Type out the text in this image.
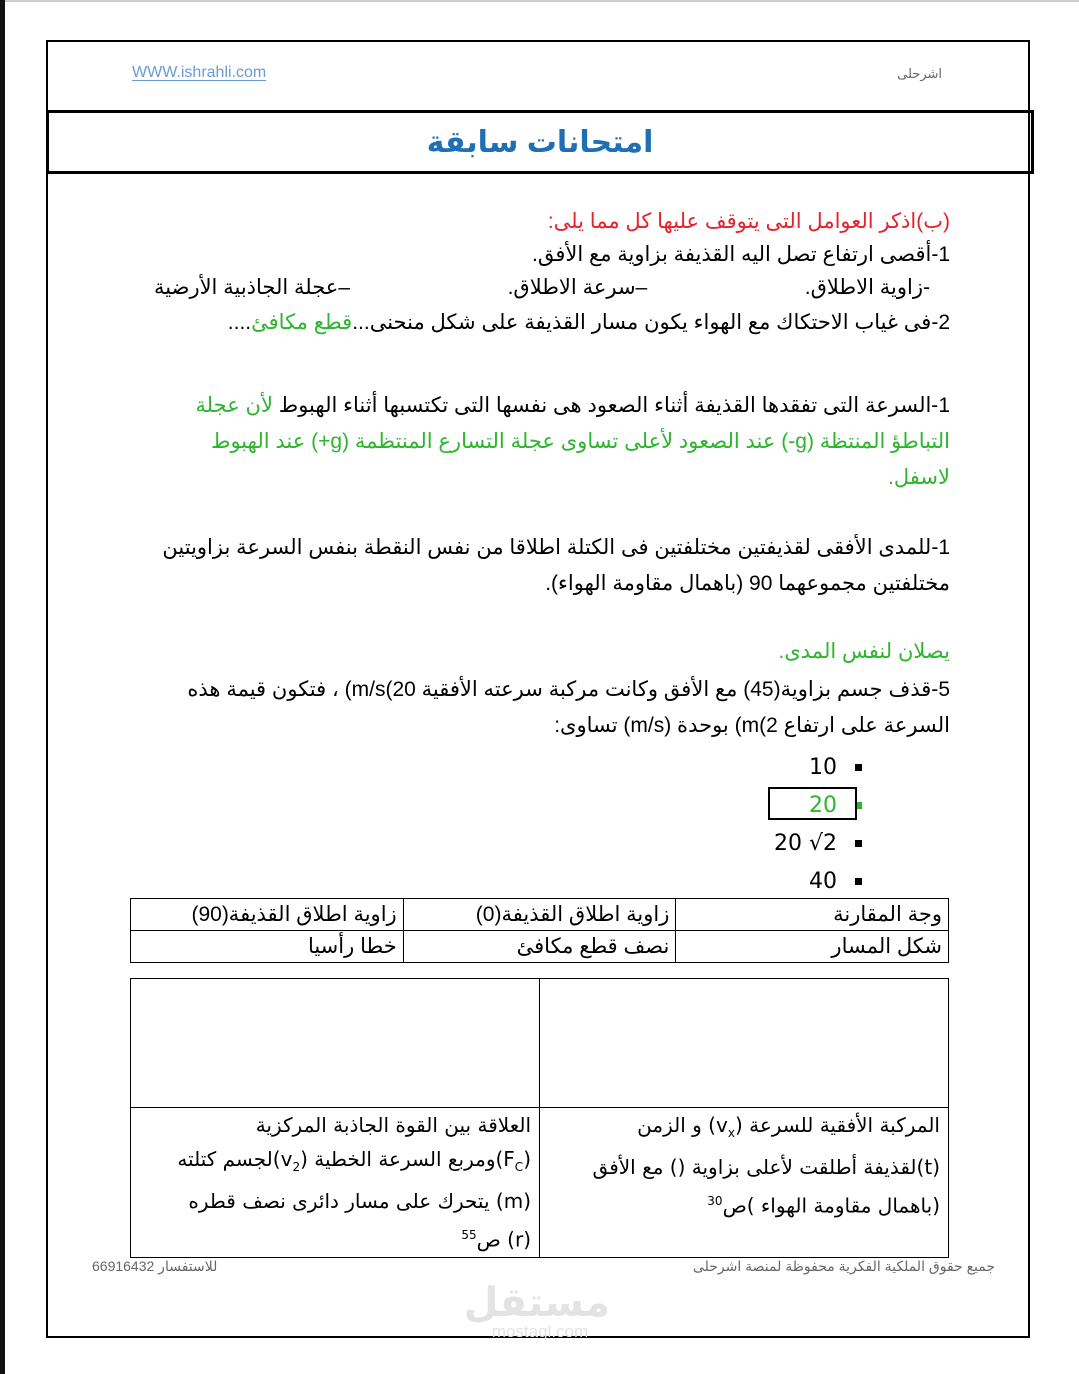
WWW.ishrahli.com	اشرحلى
امتحانات سابقة
(ب)اذكر العوامل التى يتوقف عليها كل مما يلى:
1-أقصى ارتفاع تصل اليه القذيفة بزاوية مع الأفق.
-زاوية الاطلاق.
–سرعة الاطلاق.
–عجلة الجاذبية الأرضية
2-فى غياب الاحتكاك مع الهواء يكون مسار القذيفة على شكل منحنى...قطع مكافئ....
1-السرعة التى تفقدها القذيفة أثناء الصعود هى نفسها التى تكتسبها أثناء الهبوط لأن عجلة
التباطؤ المنتظة (g-) عند الصعود لأعلى تساوى عجلة التسارع المنتظمة (g+) عند الهبوط
لاسفل.
1-للمدى الأفقى لقذيفتين مختلفتين فى الكتلة اطلاقا من نفس النقطة بنفس السرعة بزاويتين
مختلفتين مجموعهما 90 (باهمال مقاومة الهواء).
يصلان لنفس المدى.
5-قذف جسم بزاوية(45) مع الأفق وكانت مركبة سرعته الأفقية 20)m/s) ، فتكون قيمة هذه
السرعة على ارتفاع 2)m) بوحدة (m/s) تساوى:
10
20
20 √2
40
وجة المقارنة	زاوية اطلاق القذيفة(0)	زاوية اطلاق القذيفة(90)
شكل المسار	نصف قطع مكافئ	خطا رأسيا

المركبة الأفقية للسرعة $(v_x)$ و الزمن
(t)لقذيفة أطلقت لأعلى بزاوية () مع الأفق
(باهمال مقاومة الهواء )ص$^{30}$

العلاقة بين القوة الجاذبة المركزية
$(F_C)ومربع$ السرعة الخطية $(v_2)لجسم$ كتلته
(m) يتحرك على مسار دائرى نصف قطره
(r) ص$^{55}$
جميع حقوق الملكية الفكرية محفوظة لمنصة اشرحلى
للاستفسار 66916432
مستقل
mostaql.com
